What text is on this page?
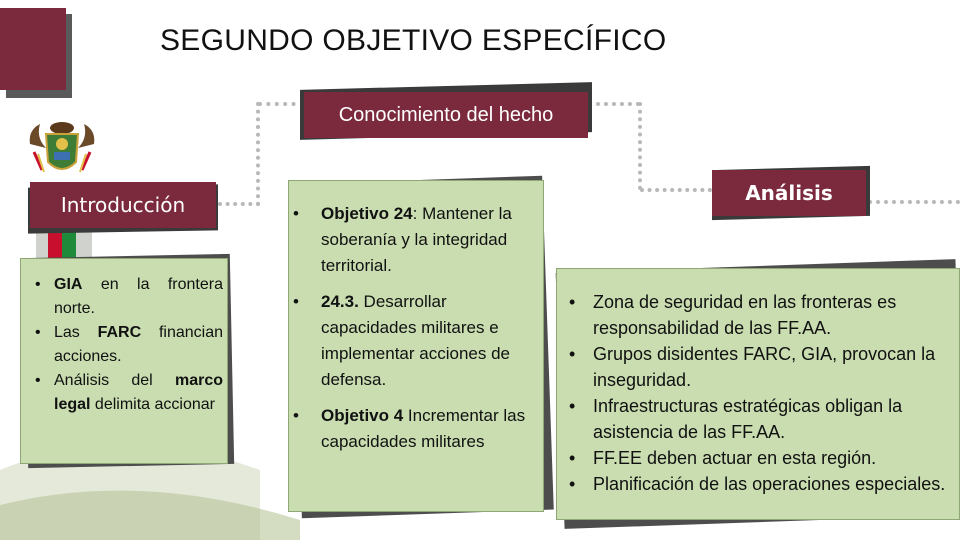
SEGUNDO OBJETIVO ESPECÍFICO
Conocimiento del hecho
Introducción	Análisis
• GIA en la frontera norte.
• Las FARC financian acciones.
• Análisis del marco legal delimita accionar
• Objetivo 24: Mantener la soberanía y la integridad territorial.
• 24.3. Desarrollar capacidades militares e implementar acciones de defensa.
• Objetivo 4 Incrementar las capacidades militares
• Zona de seguridad en las fronteras es responsabilidad de las FF.AA.
• Grupos disidentes FARC, GIA, provocan la inseguridad.
• Infraestructuras estratégicas obligan la asistencia de las FF.AA.
• FF.EE deben actuar en esta región.
• Planificación de las operaciones especiales.
